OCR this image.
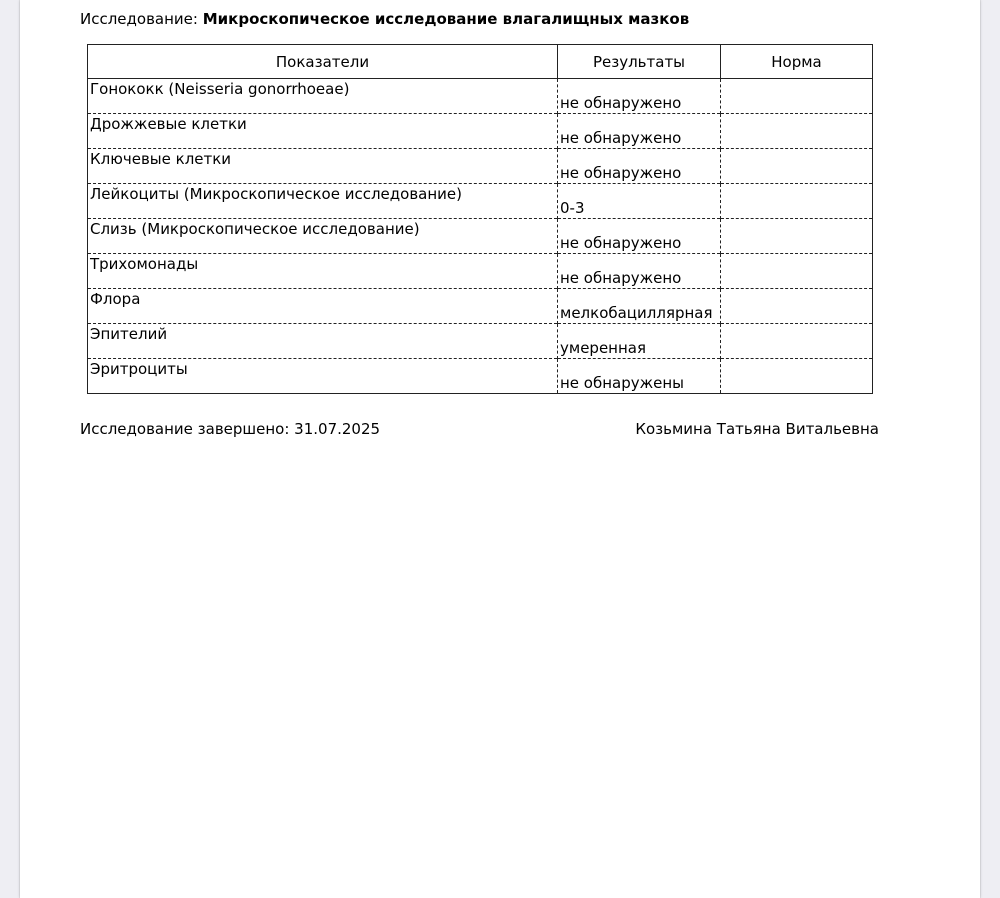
Исследование: Микроскопическое исследование влагалищных мазков
Показатели	Результаты	Норма
Гонококк (Neisseria gonorrhoeae)	не обнаружено	
Дрожжевые клетки	не обнаружено	
Ключевые клетки	не обнаружено	
Лейкоциты (Микроскопическое исследование)	0-3	
Слизь (Микроскопическое исследование)	не обнаружено	
Трихомонады	не обнаружено	
Флора	мелкобациллярная	
Эпителий	умеренная	
Эритроциты	не обнаружены	
Исследование завершено: 31.07.2025	Козьмина Татьяна Витальевна
